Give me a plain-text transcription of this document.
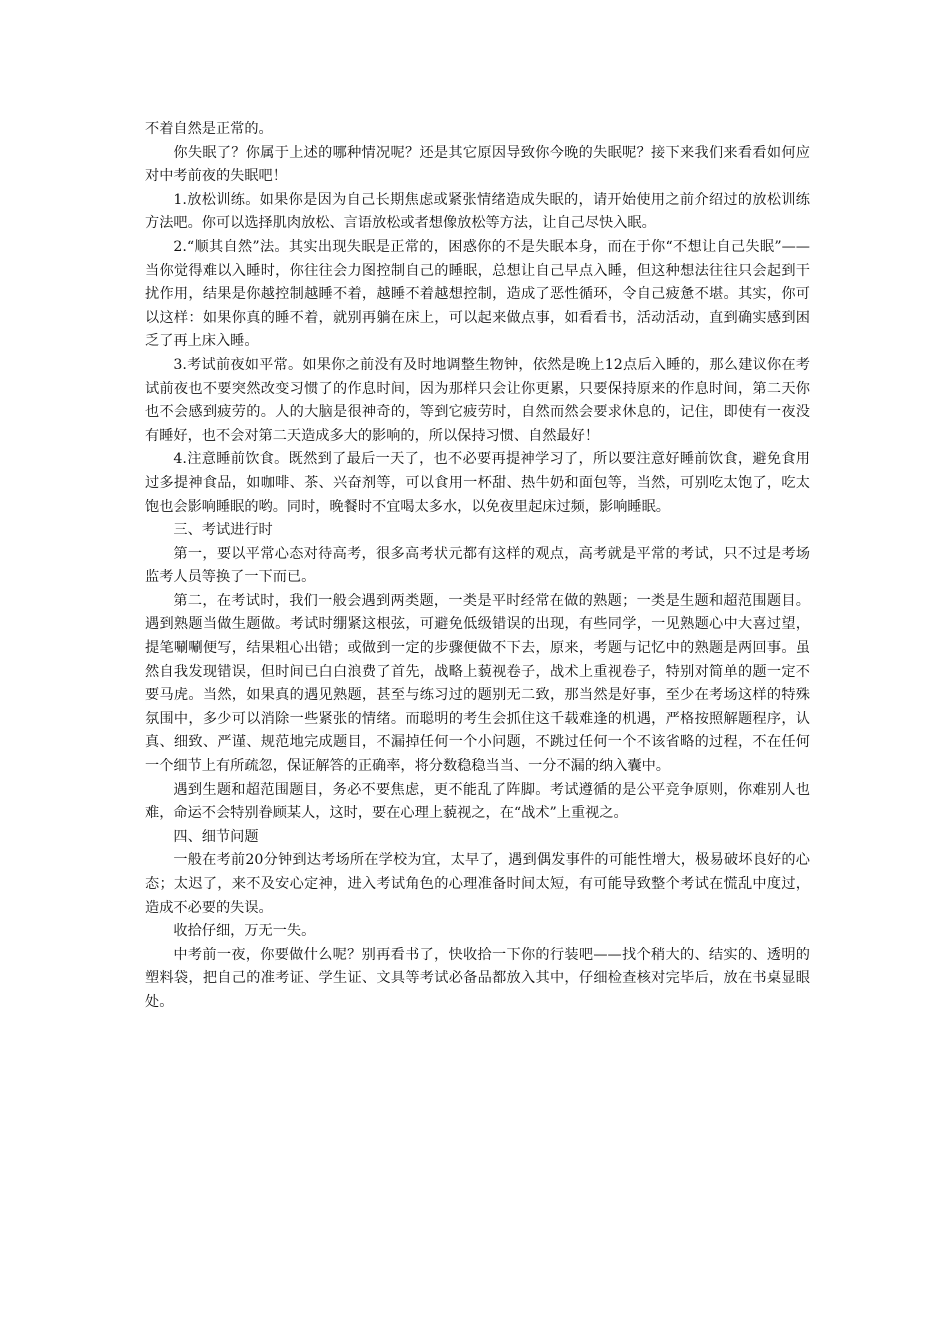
不着自然是正常的。

你失眠了？你属于上述的哪种情况呢？还是其它原因导致你今晚的失眠呢？接下来我们来看看如何应对中考前夜的失眠吧！

1.放松训练。如果你是因为自己长期焦虑或紧张情绪造成失眠的，请开始使用之前介绍过的放松训练方法吧。你可以选择肌肉放松、言语放松或者想像放松等方法，让自己尽快入眠。

2.“顺其自然”法。其实出现失眠是正常的，困惑你的不是失眠本身，而在于你“不想让自己失眠”——当你觉得难以入睡时，你往往会力图控制自己的睡眠，总想让自己早点入睡，但这种想法往往只会起到干扰作用，结果是你越控制越睡不着，越睡不着越想控制，造成了恶性循环，令自己疲惫不堪。其实，你可以这样：如果你真的睡不着，就别再躺在床上，可以起来做点事，如看看书，活动活动，直到确实感到困乏了再上床入睡。

3.考试前夜如平常。如果你之前没有及时地调整生物钟，依然是晚上12点后入睡的，那么建议你在考试前夜也不要突然改变习惯了的作息时间，因为那样只会让你更累，只要保持原来的作息时间，第二天你也不会感到疲劳的。人的大脑是很神奇的，等到它疲劳时，自然而然会要求休息的，记住，即使有一夜没有睡好，也不会对第二天造成多大的影响的，所以保持习惯、自然最好！

4.注意睡前饮食。既然到了最后一天了，也不必要再提神学习了，所以要注意好睡前饮食，避免食用过多提神食品，如咖啡、茶、兴奋剂等，可以食用一杯甜、热牛奶和面包等，当然，可别吃太饱了，吃太饱也会影响睡眠的哟。同时，晚餐时不宜喝太多水，以免夜里起床过频，影响睡眠。

三、考试进行时

第一，要以平常心态对待高考，很多高考状元都有这样的观点，高考就是平常的考试，只不过是考场监考人员等换了一下而已。

第二，在考试时，我们一般会遇到两类题，一类是平时经常在做的熟题；一类是生题和超范围题目。遇到熟题当做生题做。考试时绷紧这根弦，可避免低级错误的出现，有些同学，一见熟题心中大喜过望，提笔唰唰便写，结果粗心出错；或做到一定的步骤便做不下去，原来，考题与记忆中的熟题是两回事。虽然自我发现错误，但时间已白白浪费了首先，战略上藐视卷子，战术上重视卷子，特别对简单的题一定不要马虎。当然，如果真的遇见熟题，甚至与练习过的题别无二致，那当然是好事，至少在考场这样的特殊氛围中，多少可以消除一些紧张的情绪。而聪明的考生会抓住这千载难逢的机遇，严格按照解题程序，认真、细致、严谨、规范地完成题目，不漏掉任何一个小问题，不跳过任何一个不该省略的过程，不在任何一个细节上有所疏忽，保证解答的正确率，将分数稳稳当当、一分不漏的纳入囊中。

遇到生题和超范围题目，务必不要焦虑，更不能乱了阵脚。考试遵循的是公平竞争原则，你难别人也难，命运不会特别眷顾某人，这时，要在心理上藐视之，在“战术”上重视之。

四、细节问题

一般在考前20分钟到达考场所在学校为宜，太早了，遇到偶发事件的可能性增大，极易破坏良好的心态；太迟了，来不及安心定神，进入考试角色的心理准备时间太短，有可能导致整个考试在慌乱中度过，造成不必要的失误。

收拾仔细，万无一失。

中考前一夜，你要做什么呢？别再看书了，快收拾一下你的行装吧——找个稍大的、结实的、透明的塑料袋，把自己的准考证、学生证、文具等考试必备品都放入其中，仔细检查核对完毕后，放在书桌显眼处。
